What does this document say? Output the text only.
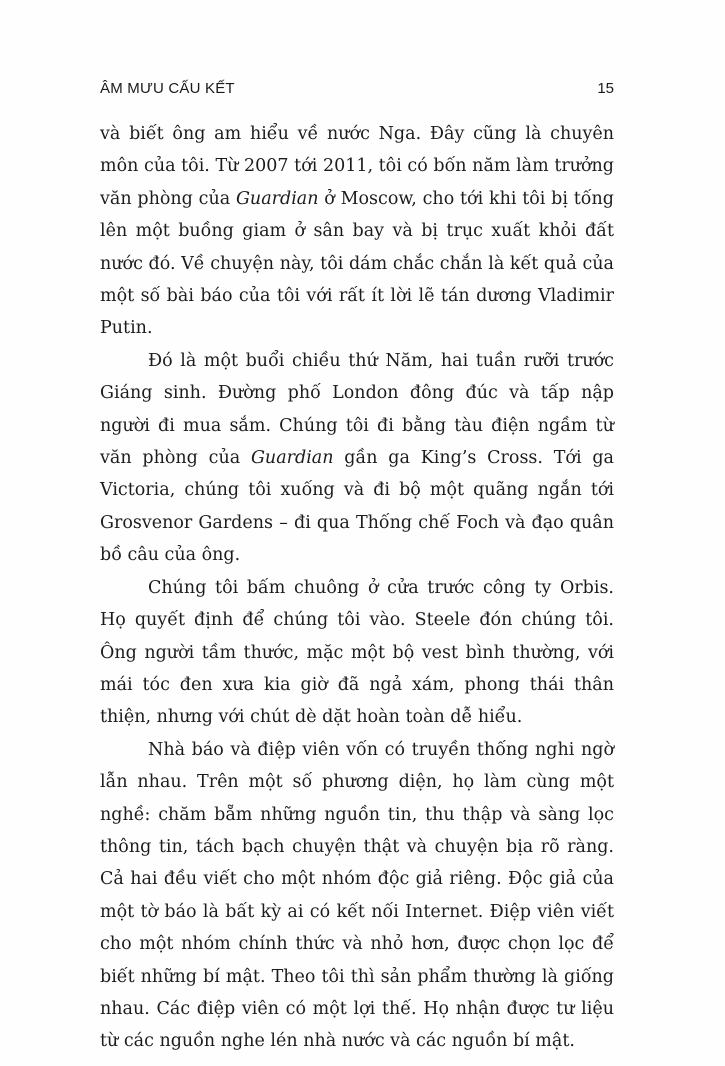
ÂM MƯU CẤU KẾT	15

và biết ông am hiểu về nước Nga. Đây cũng là chuyên môn của tôi. Từ 2007 tới 2011, tôi có bốn năm làm trưởng văn phòng của Guardian ở Moscow, cho tới khi tôi bị tống lên một buồng giam ở sân bay và bị trục xuất khỏi đất nước đó. Về chuyện này, tôi dám chắc chắn là kết quả của một số bài báo của tôi với rất ít lời lẽ tán dương Vladimir Putin.

Đó là một buổi chiều thứ Năm, hai tuần rưỡi trước Giáng sinh. Đường phố London đông đúc và tấp nập người đi mua sắm. Chúng tôi đi bằng tàu điện ngầm từ văn phòng của Guardian gần ga King’s Cross. Tới ga Victoria, chúng tôi xuống và đi bộ một quãng ngắn tới Grosvenor Gardens – đi qua Thống chế Foch và đạo quân bồ câu của ông.

Chúng tôi bấm chuông ở cửa trước công ty Orbis. Họ quyết định để chúng tôi vào. Steele đón chúng tôi. Ông người tầm thước, mặc một bộ vest bình thường, với mái tóc đen xưa kia giờ đã ngả xám, phong thái thân thiện, nhưng với chút dè dặt hoàn toàn dễ hiểu.

Nhà báo và điệp viên vốn có truyền thống nghi ngờ lẫn nhau. Trên một số phương diện, họ làm cùng một nghề: chăm bẵm những nguồn tin, thu thập và sàng lọc thông tin, tách bạch chuyện thật và chuyện bịa rõ ràng. Cả hai đều viết cho một nhóm độc giả riêng. Độc giả của một tờ báo là bất kỳ ai có kết nối Internet. Điệp viên viết cho một nhóm chính thức và nhỏ hơn, được chọn lọc để biết những bí mật. Theo tôi thì sản phẩm thường là giống nhau. Các điệp viên có một lợi thế. Họ nhận được tư liệu từ các nguồn nghe lén nhà nước và các nguồn bí mật.
